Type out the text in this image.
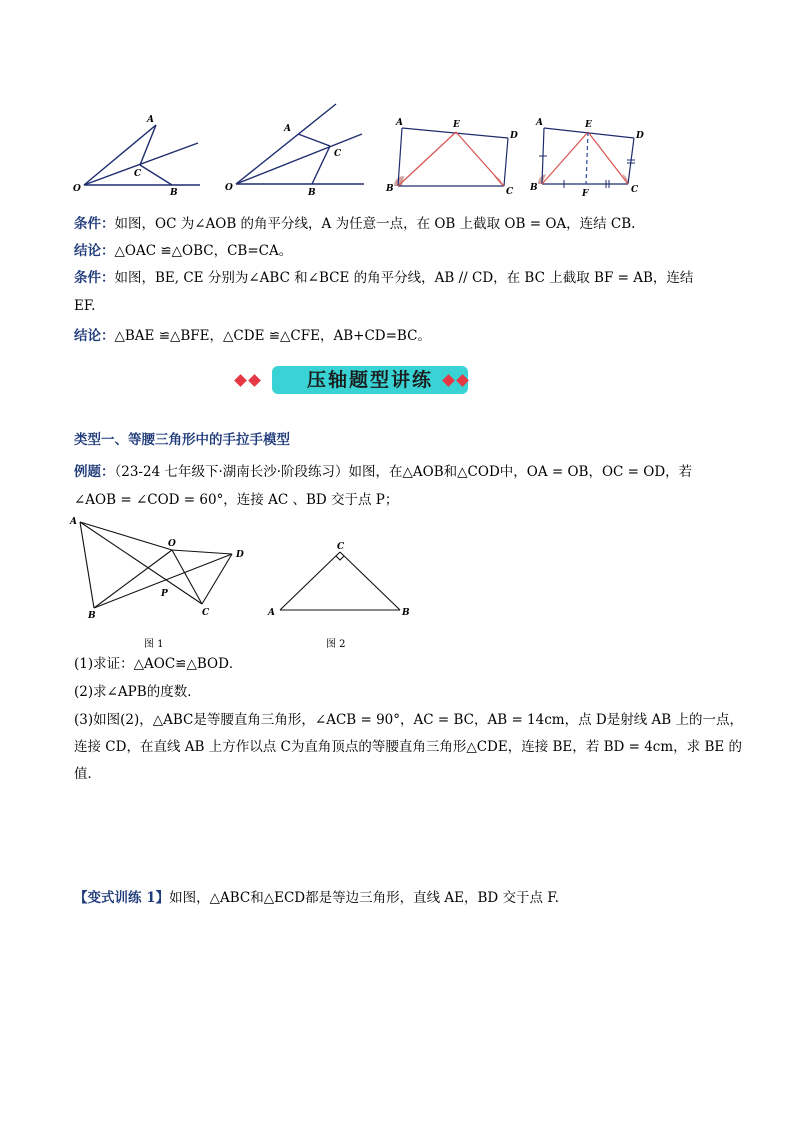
A
C
O	B
A
C
O	B
A	E
D
B	C
A	E
D
B
F	C
条件：如图，OC 为∠AOB 的角平分线，A 为任意一点，在 OB 上截取 OB = OA，连结 CB.
结论：△OAC ≌△OBC，CB=CA。
条件：如图，BE, CE 分别为∠ABC 和∠BCE 的角平分线，AB // CD，在 BC 上截取 BF = AB，连结
EF.
结论：△BAE ≌△BFE，△CDE ≌△CFE，AB+CD=BC。
压轴题型讲练
类型一、等腰三角形中的手拉手模型
例题：（23-24 七年级下·湖南长沙·阶段练习）如图，在△AOB和△COD中，OA = OB，OC = OD，若
∠AOB = ∠COD = 60°，连接 AC 、BD 交于点 P；
A
O
D
P
B	C
图 1
C
A	B
图 2
(1)求证：△AOC≌△BOD．
(2)求∠APB的度数．
(3)如图(2)，△ABC是等腰直角三角形，∠ACB = 90°，AC = BC，AB = 14cm，点 D是射线 AB 上的一点，
连接 CD，在直线 AB 上方作以点 C为直角顶点的等腰直角三角形△CDE，连接 BE，若 BD = 4cm，求 BE 的
值．
【变式训练 1】如图，△ABC和△ECD都是等边三角形，直线 AE，BD 交于点 F.
